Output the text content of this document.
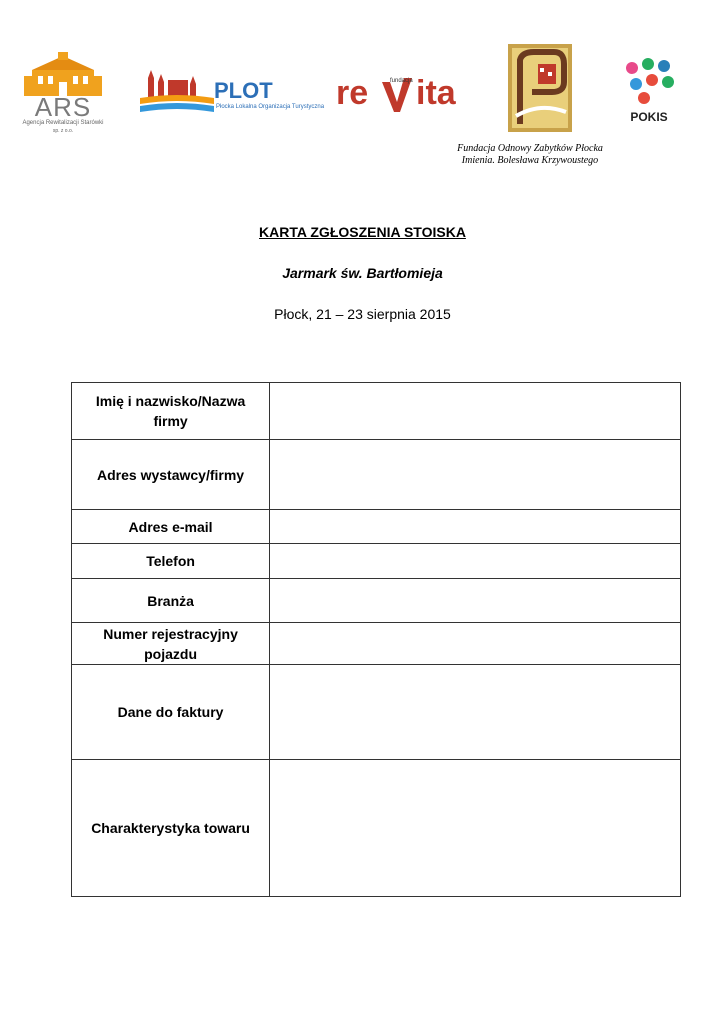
ARS
Agencja Rewitalizacji Starówki
sp. z o.o.
PLOT
Płocka Lokalna Organizacja Turystyczna re	fundacja ita
POKIS
Fundacja Odnowy Zabytków Płocka
Imienia. Bolesława Krzywoustego
KARTA ZGŁOSZENIA STOISKA
Jarmark św. Bartłomieja
Płock, 21 – 23 sierpnia 2015
Imię i nazwisko/Nazwa
firmy	
Adres wystawcy/firmy	
Adres e-mail	
Telefon	
Branża	
Numer rejestracyjny
pojazdu	
Dane do faktury	
Charakterystyka towaru	
